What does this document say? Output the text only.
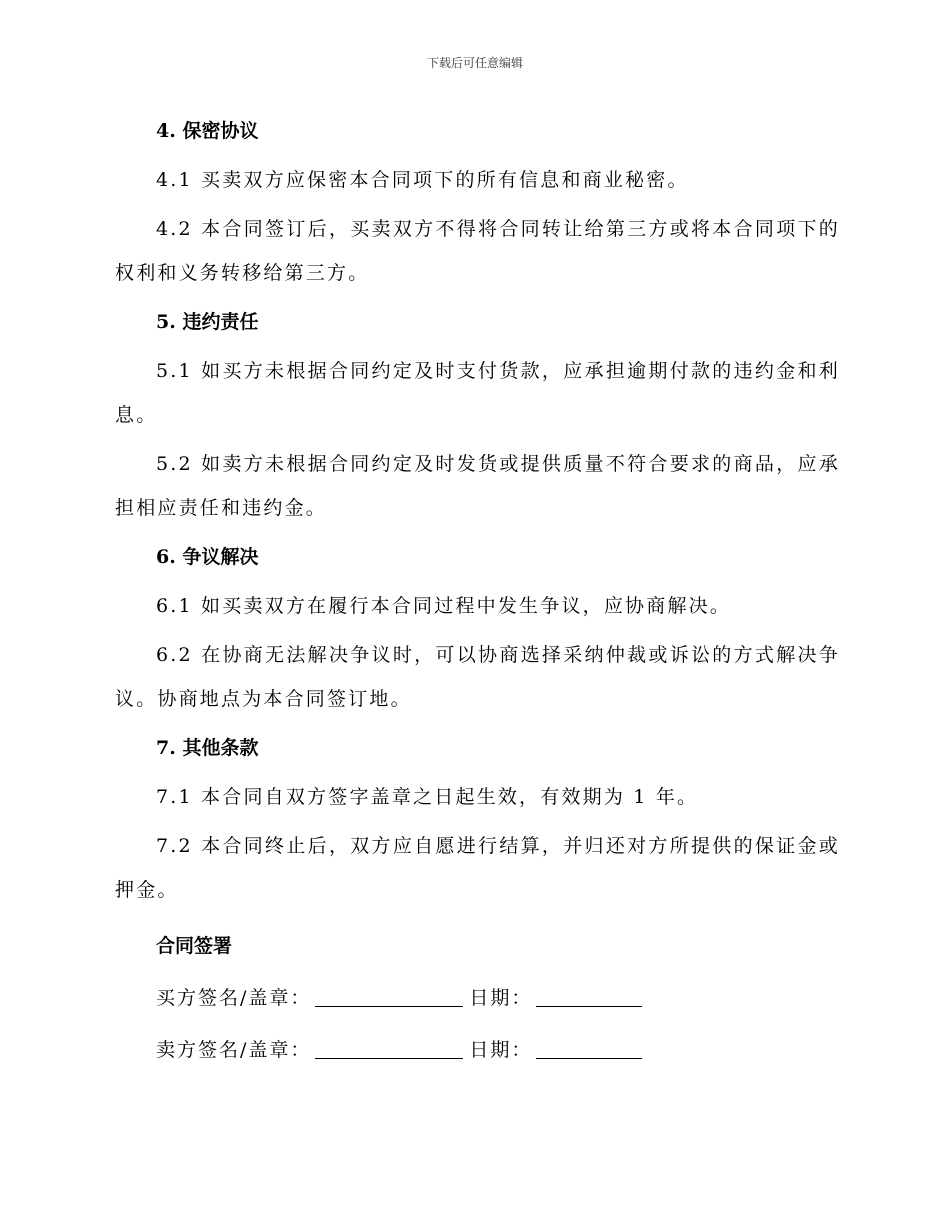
下载后可任意编辑

4. 保密协议

4.1 买卖双方应保密本合同项下的所有信息和商业秘密。

4.2 本合同签订后，买卖双方不得将合同转让给第三方或将本合同项下的权利和义务转移给第三方。

5. 违约责任

5.1 如买方未根据合同约定及时支付货款，应承担逾期付款的违约金和利息。

5.2 如卖方未根据合同约定及时发货或提供质量不符合要求的商品，应承担相应责任和违约金。

6. 争议解决

6.1 如买卖双方在履行本合同过程中发生争议，应协商解决。

6.2 在协商无法解决争议时，可以协商选择采纳仲裁或诉讼的方式解决争议。协商地点为本合同签订地。

7. 其他条款

7.1 本合同自双方签字盖章之日起生效，有效期为 1 年。

7.2 本合同终止后，双方应自愿进行结算，并归还对方所提供的保证金或押金。

合同签署

买方签名/盖章：	日期：
卖方签名/盖章：	日期：
